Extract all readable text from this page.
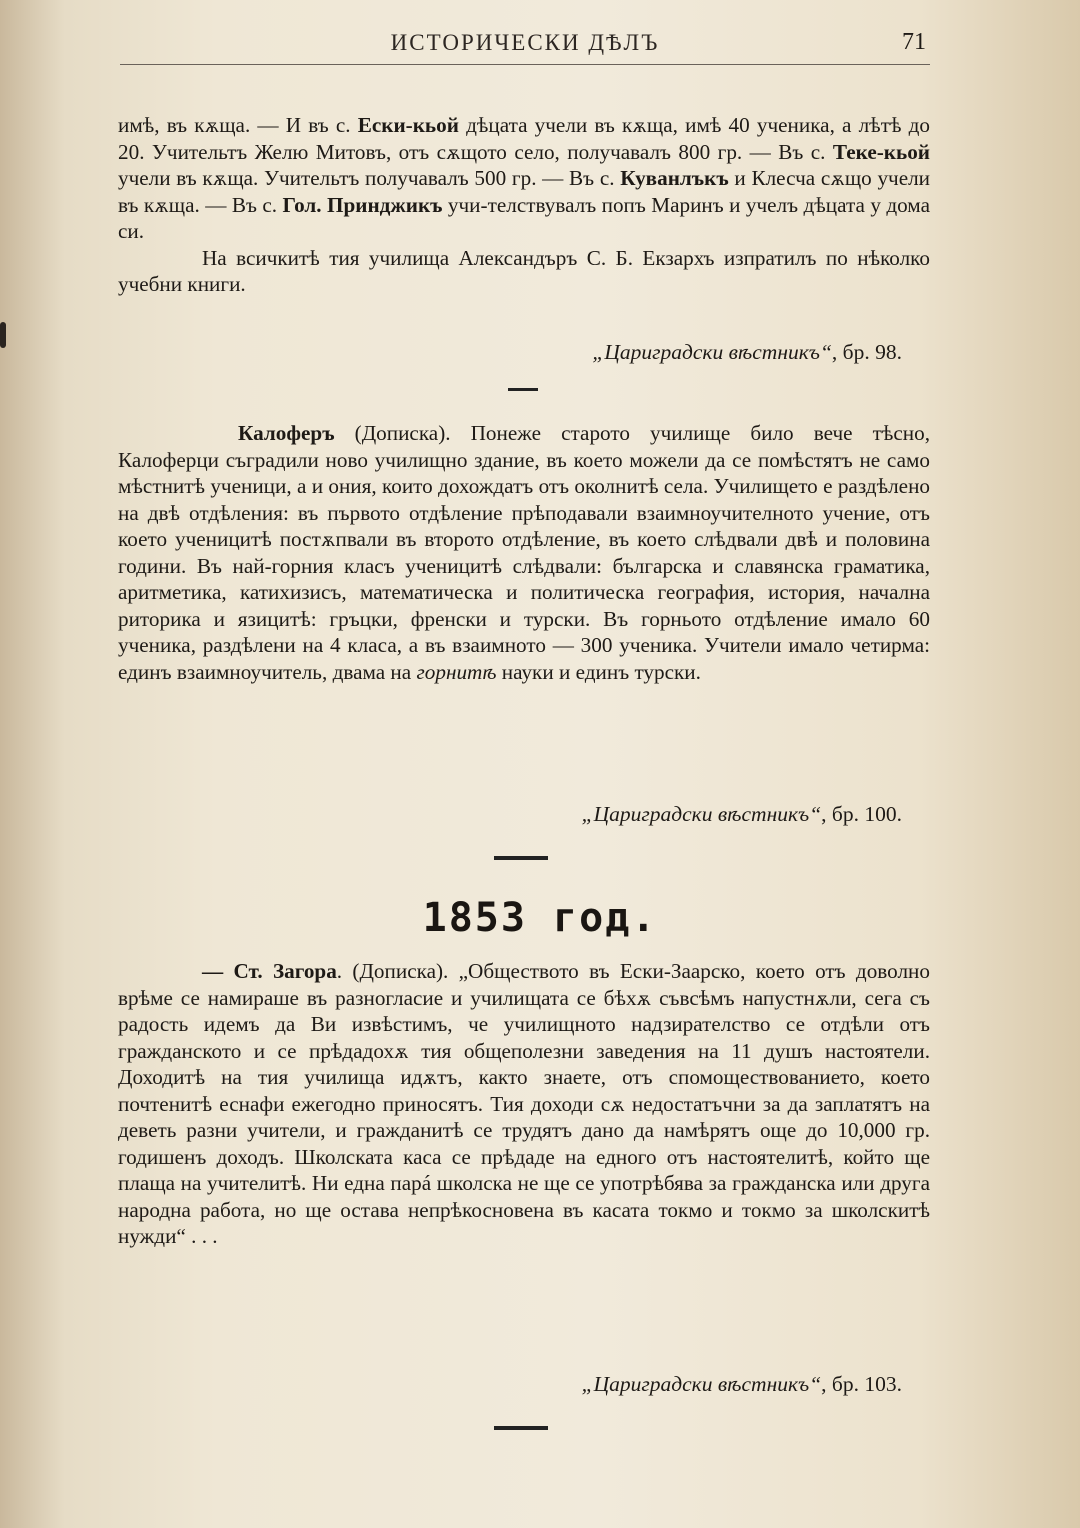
ИСТОРИЧЕСКИ ДѢЛЪ	71

имѣ, въ кѫща. — И въ с. Ески-кьой дѣцата учели въ кѫща, имѣ 40 ученика, а лѣтѣ до 20. Учительтъ Желю Митовъ, отъ сѫщото село, получавалъ 800 гр. — Въ с. Теке-кьой учели въ кѫща. Учительтъ получавалъ 500 гр. — Въ с. Куванлъкъ и Клесча сѫщо учели въ кѫща. — Въ с. Гол. Принджикъ учи-телствувалъ попъ Маринъ и учелъ дѣцата у дома си.

На всичкитѣ тия училища Александъръ С. Б. Екзархъ изпратилъ по нѣколко учебни книги.

„Цариградски вѣстникъ“, бр. 98.

Калоферъ (Дописка). Понеже старото училище било вече тѣсно, Калоферци съградили ново училищно здание, въ което можели да се помѣстятъ не само мѣстнитѣ ученици, а и ония, които дохождатъ отъ околнитѣ села. Училището е раздѣлено на двѣ отдѣления: въ първото отдѣление прѣподавали взаимноучителното учение, отъ което ученицитѣ постѫпвали въ второто отдѣление, въ което слѣдвали двѣ и половина години. Въ най-горния класъ ученицитѣ слѣдвали: българска и славянска граматика, аритметика, катихизисъ, математическа и политическа география, история, начална риторика и язицитѣ: гръцки, френски и турски. Въ горньото отдѣление имало 60 ученика, раздѣлени на 4 класа, а въ взаимното — 300 ученика. Учители имало четирма: единъ взаимноучитель, двама на горнитѣ науки и единъ турски.

„Цариградски вѣстникъ“, бр. 100.
1853 год.

— Ст. Загора. (Дописка). „Обществото въ Ески-Заарско, което отъ доволно врѣме се намираше въ разногласие и училищата се бѣхѫ съвсѣмъ напустнѫли, сега съ радость идемъ да Ви извѣстимъ, че училищното надзирателство се отдѣли отъ гражданското и се прѣдадохѫ тия общеполезни заведения на 11 душъ настоятели. Доходитѣ на тия училища идѫтъ, както знаете, отъ спомоществованието, което почтенитѣ еснафи ежегодно приносятъ. Тия доходи сѫ недостатъчни за да заплатятъ на деветь разни учители, и гражданитѣ се трудятъ дано да намѣрятъ още до 10,000 гр. годишенъ доходъ. Школската каса се прѣдаде на едного отъ настоятелитѣ, който ще плаща на учителитѣ. Ни една парá школска не ще се употрѣбява за гражданска или друга народна работа, но ще остава непрѣкосновена въ касата токмо и токмо за школскитѣ нужди“ . . .

„Цариградски вѣстникъ“, бр. 103.
